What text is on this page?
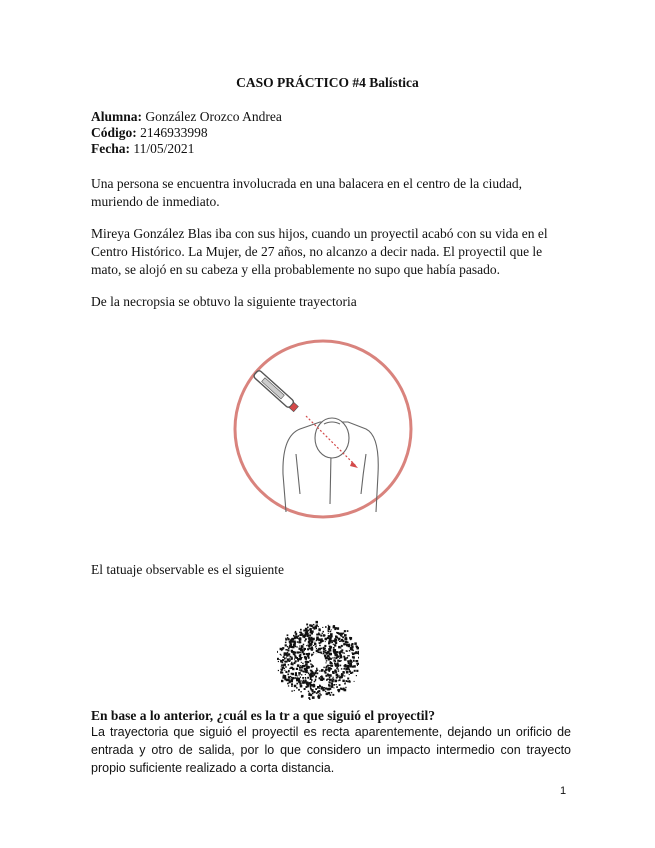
CASO PRÁCTICO #4 Balística
Alumna: González Orozco Andrea
Código: 2146933998
Fecha: 11/05/2021
Una persona se encuentra involucrada en una balacera en el centro de la ciudad, muriendo de inmediato.
Mireya González Blas iba con sus hijos, cuando un proyectil acabó con su vida en el Centro Histórico. La Mujer, de 27 años, no alcanzo a decir nada. El proyectil que le mato, se alojó en su cabeza y ella probablemente no supo que había pasado.
De la necropsia se obtuvo la siguiente trayectoria
El tatuaje observable es el siguiente
En base a lo anterior, ¿cuál es la tr a que siguió el proyectil?
La trayectoria que siguió el proyectil es recta aparentemente, dejando un orificio de entrada y otro de salida, por lo que considero un impacto intermedio con trayecto propio suficiente realizado a corta distancia.
1
